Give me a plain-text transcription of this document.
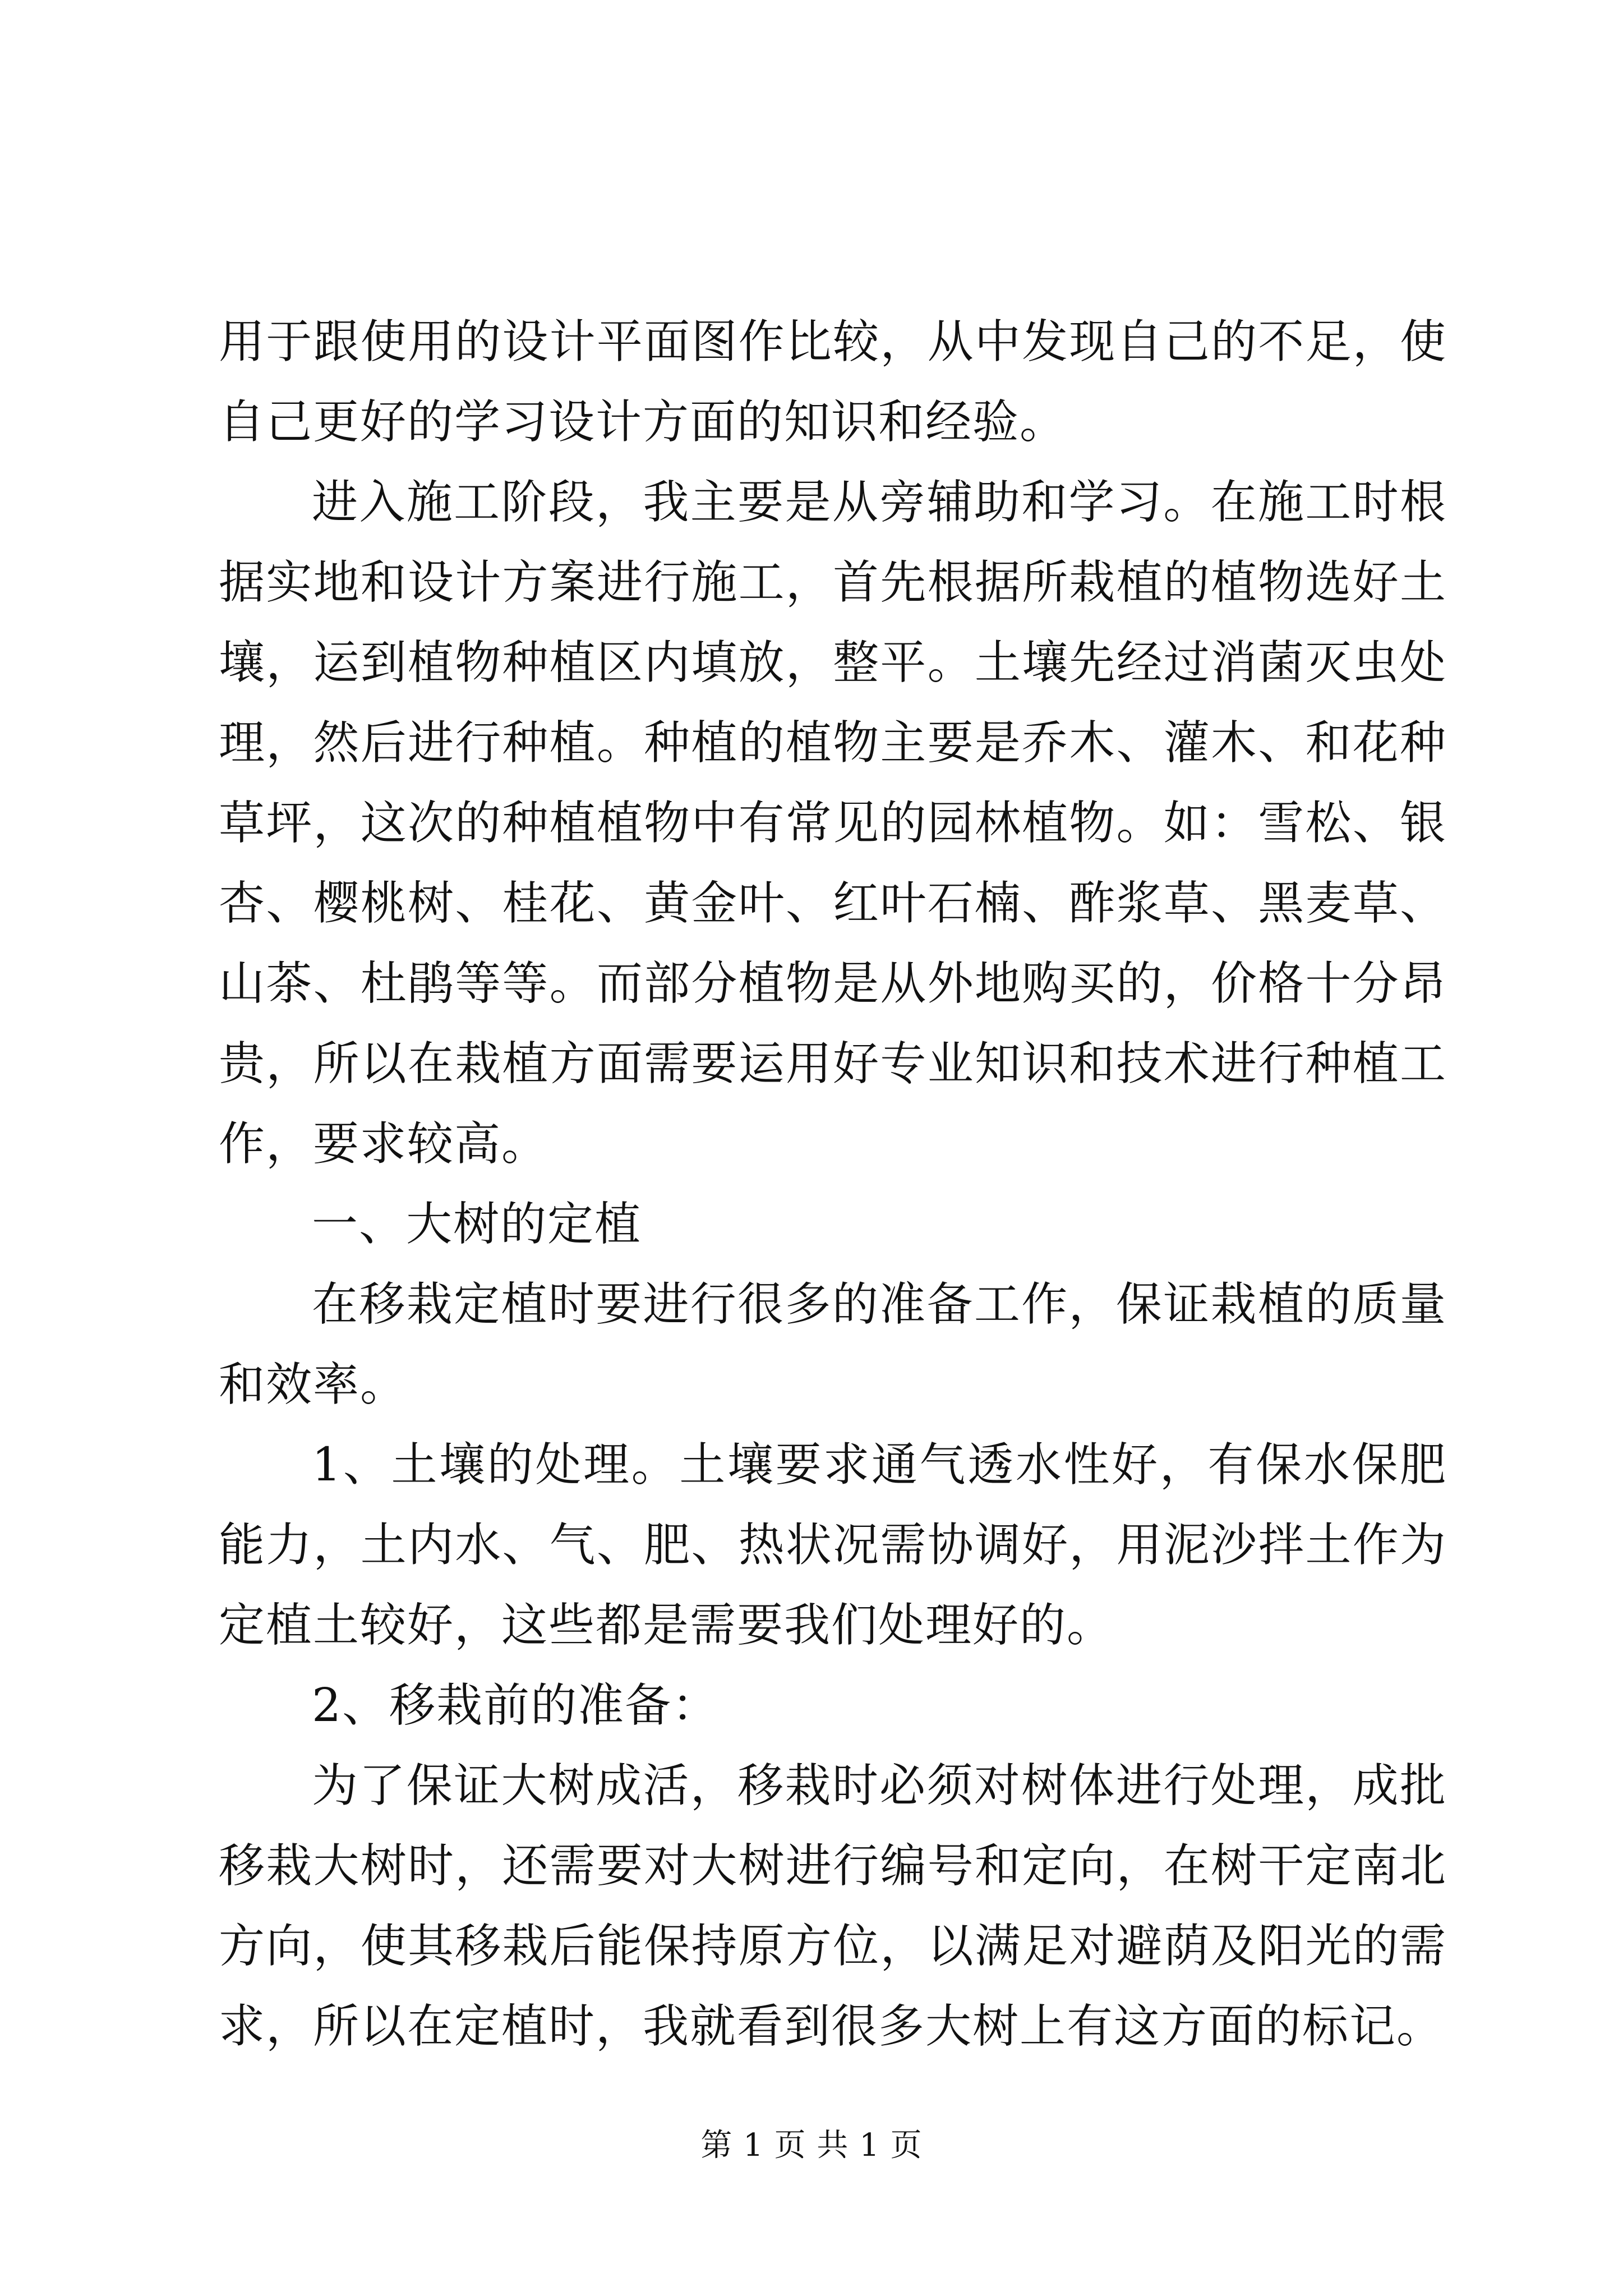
用于跟使用的设计平面图作比较，从中发现自己的不足，使自己更好的学习设计方面的知识和经验。

进入施工阶段，我主要是从旁辅助和学习。在施工时根据实地和设计方案进行施工，首先根据所栽植的植物选好土壤，运到植物种植区内填放，整平。土壤先经过消菌灭虫处理，然后进行种植。种植的植物主要是乔木、灌木、和花种草坪，这次的种植植物中有常见的园林植物。如：雪松、银杏、樱桃树、桂花、黄金叶、红叶石楠、酢浆草、黑麦草、山茶、杜鹃等等。而部分植物是从外地购买的，价格十分昂贵，所以在栽植方面需要运用好专业知识和技术进行种植工作，要求较高。

一、大树的定植

在移栽定植时要进行很多的准备工作，保证栽植的质量和效率。

1、土壤的处理。土壤要求通气透水性好，有保水保肥能力，土内水、气、肥、热状况需协调好，用泥沙拌土作为定植土较好，这些都是需要我们处理好的。

2、移栽前的准备：

为了保证大树成活，移栽时必须对树体进行处理，成批移栽大树时，还需要对大树进行编号和定向，在树干定南北方向，使其移栽后能保持原方位，以满足对避荫及阳光的需求，所以在定植时，我就看到很多大树上有这方面的标记。

第 1 页 共 1 页
